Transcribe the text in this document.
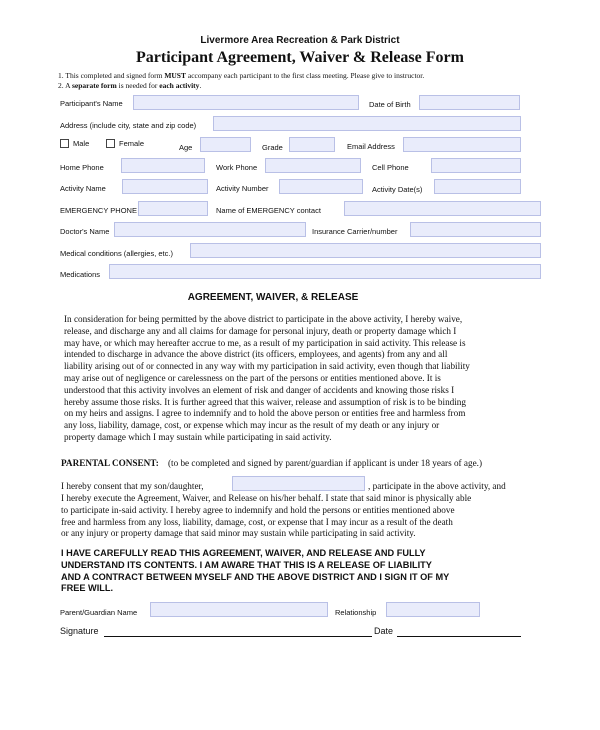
Livermore Area Recreation & Park District
Participant Agreement, Waiver & Release Form
1. This completed and signed form MUST accompany each participant to the first class meeting. Please give to instructor.
2. A separate form is needed for each activity.
Participant's Name	Date of Birth
Address (include city, state and zip code)
Male	Female	Age	Grade	Email Address
Home Phone	Work Phone	Cell Phone
Activity Name	Activity Number	Activity Date(s)
EMERGENCY PHONE	Name of EMERGENCY contact
Doctor's Name	Insurance Carrier/number
Medical conditions (allergies, etc.)
Medications
AGREEMENT, WAIVER, & RELEASE
In consideration for being permitted by the above district to participate in the above activity, I hereby waive,
release, and discharge any and all claims for damage for personal injury, death or property damage which I
may have, or which may hereafter accrue to me, as a result of my participation in said activity. This release is
intended to discharge in advance the above district (its officers, employees, and agents) from any and all
liability arising out of or connected in any way with my participation in said activity, even though that liability
may arise out of negligence or carelessness on the part of the persons or entities mentioned above. It is
understood that this activity involves an element of risk and danger of accidents and knowing those risks I
hereby assume those risks. It is further agreed that this waiver, release and assumption of risk is to be binding
on my heirs and assigns. I agree to indemnify and to hold the above person or entities free and harmless from
any loss, liability, damage, cost, or expense which may incur as the result of my death or any injury or
property damage which I may sustain while participating in said activity.
PARENTAL CONSENT: (to be completed and signed by parent/guardian if applicant is under 18 years of age.)
I hereby consent that my son/daughter,	, participate in the above activity, and
I hereby execute the Agreement, Waiver, and Release on his/her behalf. I state that said minor is physically able
to participate in-said activity. I hereby agree to indemnify and hold the persons or entities mentioned above
free and harmless from any loss, liability, damage, cost, or expense that I may incur as a result of the death
or any injury or property damage that said minor may sustain while participating in said activity.
I HAVE CAREFULLY READ THIS AGREEMENT, WAIVER, AND RELEASE AND FULLY
UNDERSTAND ITS CONTENTS. I AM AWARE THAT THIS IS A RELEASE OF LIABILITY
AND A CONTRACT BETWEEN MYSELF AND THE ABOVE DISTRICT AND I SIGN IT OF MY
FREE WILL.
Parent/Guardian Name	Relationship
Signature	Date
